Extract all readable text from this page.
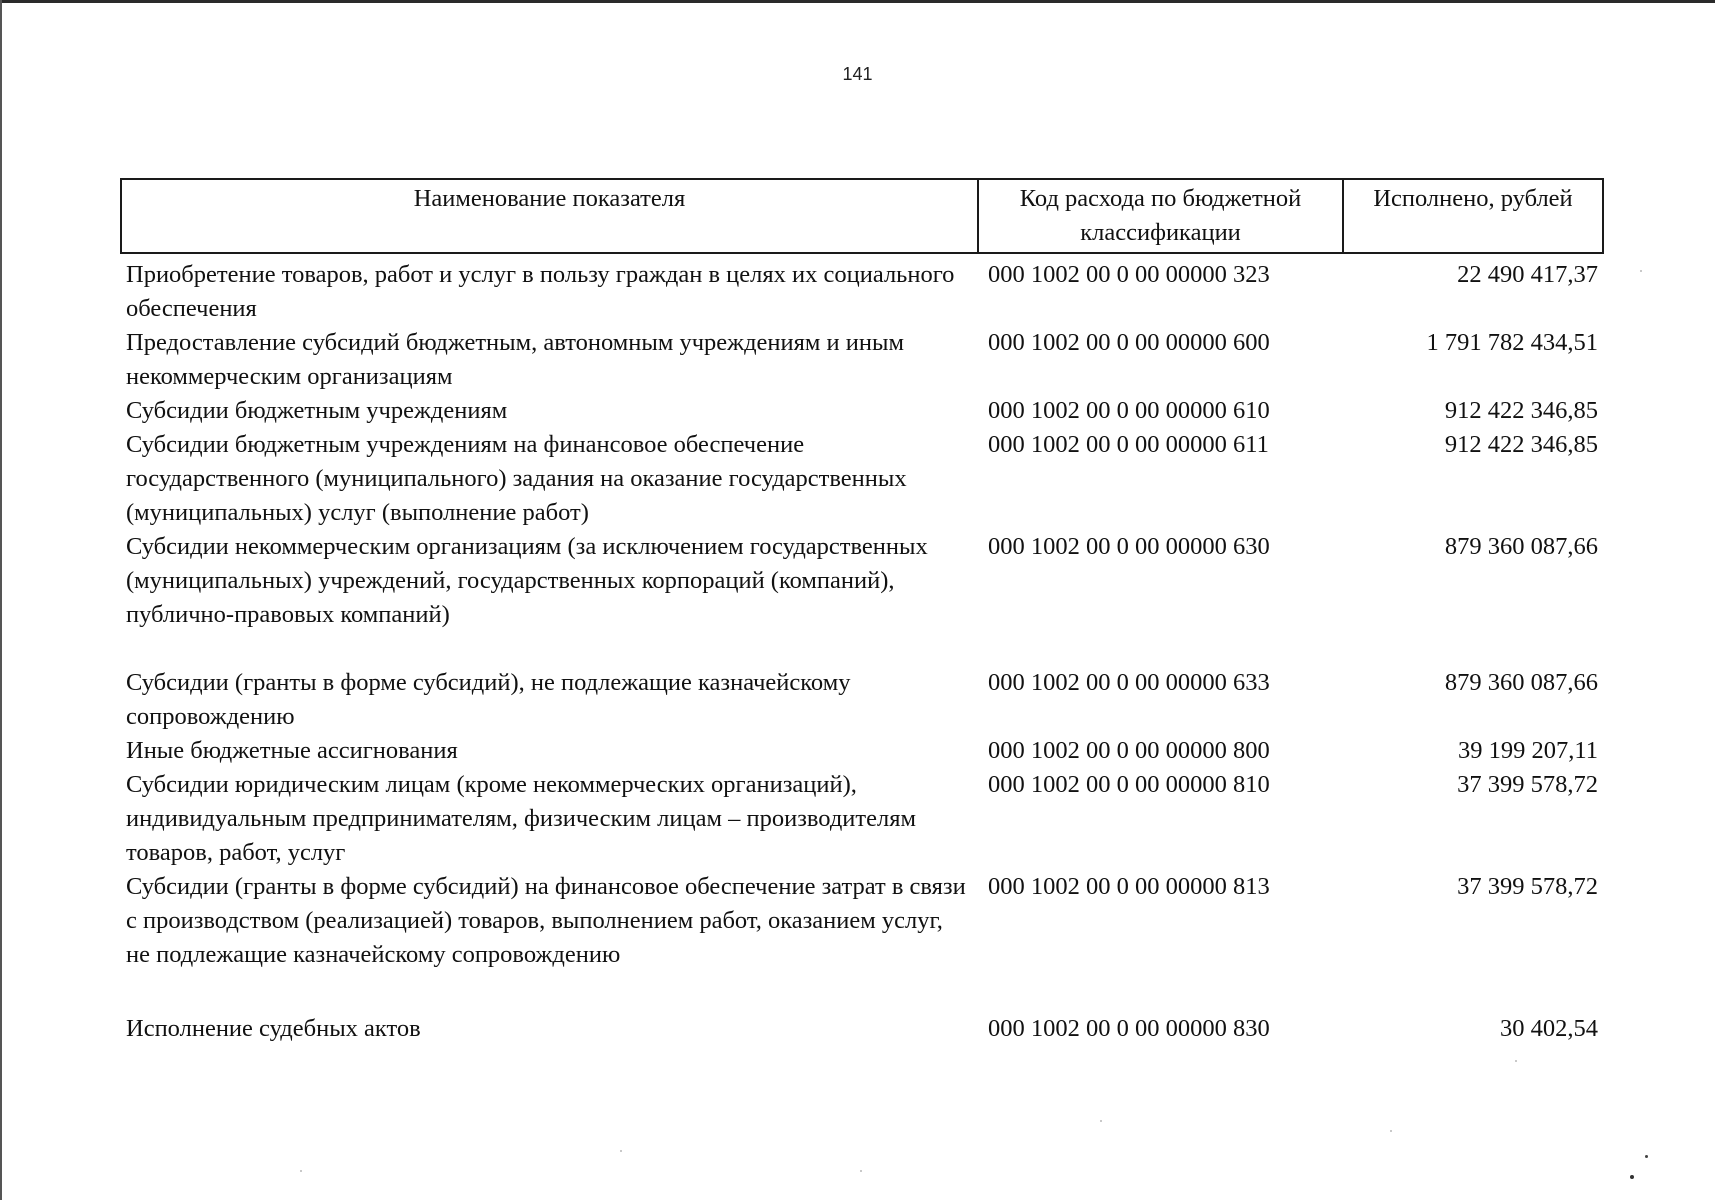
141
Наименование показателя	Код расхода по бюджетной классификации	Исполнено, рублей
Приобретение товаров, работ и услуг в пользу граждан в целях их социального обеспечения	000 1002 00 0 00 00000 323	22 490 417,37
Предоставление субсидий бюджетным, автономным учреждениям и иным некоммерческим организациям	000 1002 00 0 00 00000 600	1 791 782 434,51
Субсидии бюджетным учреждениям	000 1002 00 0 00 00000 610	912 422 346,85
Субсидии бюджетным учреждениям на финансовое обеспечение государственного (муниципального) задания на оказание государственных (муниципальных) услуг (выполнение работ)	000 1002 00 0 00 00000 611	912 422 346,85
Субсидии некоммерческим организациям (за исключением государственных (муниципальных) учреждений, государственных корпораций (компаний), публично-правовых компаний)	000 1002 00 0 00 00000 630	879 360 087,66
Субсидии (гранты в форме субсидий), не подлежащие казначейскому сопровождению	000 1002 00 0 00 00000 633	879 360 087,66
Иные бюджетные ассигнования	000 1002 00 0 00 00000 800	39 199 207,11
Субсидии юридическим лицам (кроме некоммерческих организаций), индивидуальным предпринимателям, физическим лицам – производителям товаров, работ, услуг	000 1002 00 0 00 00000 810	37 399 578,72
Субсидии (гранты в форме субсидий) на финансовое обеспечение затрат в связи с производством (реализацией) товаров, выполнением работ, оказанием услуг, не подлежащие казначейскому сопровождению	000 1002 00 0 00 00000 813	37 399 578,72
Исполнение судебных актов	000 1002 00 0 00 00000 830	30 402,54
